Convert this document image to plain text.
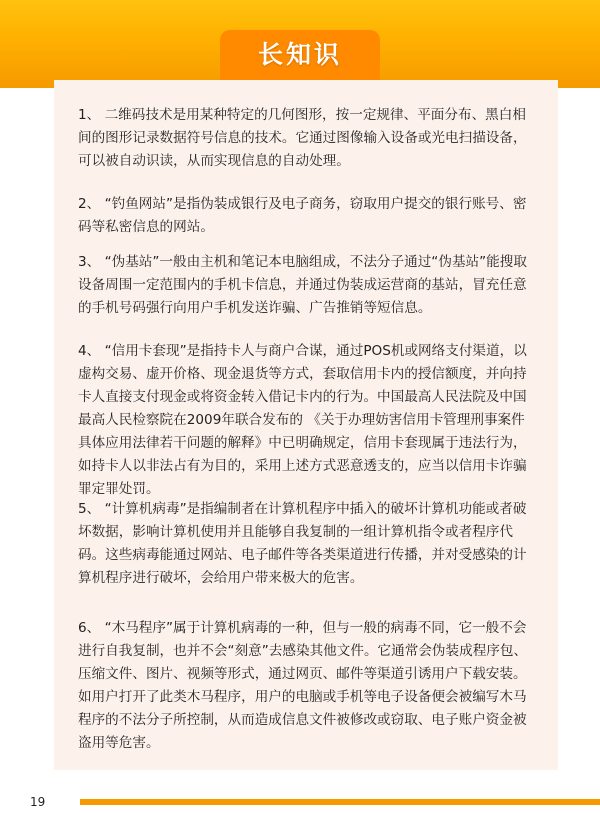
长知识

1、 二维码技术是用某种特定的几何图形，按一定规律、平面分布、黑白相间的图形记录数据符号信息的技术。它通过图像输入设备或光电扫描设备，可以被自动识读，从而实现信息的自动处理。

2、 “钓鱼网站”是指伪装成银行及电子商务，窃取用户提交的银行账号、密码等私密信息的网站。

3、 “伪基站”一般由主机和笔记本电脑组成，不法分子通过“伪基站”能搜取设备周围一定范围内的手机卡信息，并通过伪装成运营商的基站，冒充任意的手机号码强行向用户手机发送诈骗、广告推销等短信息。

4、 “信用卡套现”是指持卡人与商户合谋，通过POS机或网络支付渠道，以虚构交易、虚开价格、现金退货等方式，套取信用卡内的授信额度，并向持卡人直接支付现金或将资金转入借记卡内的行为。中国最高人民法院及中国最高人民检察院在2009年联合发布的 《关于办理妨害信用卡管理刑事案件具体应用法律若干问题的解释》中已明确规定，信用卡套现属于违法行为，如持卡人以非法占有为目的，采用上述方式恶意透支的，应当以信用卡诈骗罪定罪处罚。

5、 “计算机病毒”是指编制者在计算机程序中插入的破坏计算机功能或者破坏数据，影响计算机使用并且能够自我复制的一组计算机指令或者程序代码。这些病毒能通过网站、电子邮件等各类渠道进行传播，并对受感染的计算机程序进行破坏，会给用户带来极大的危害。

6、 “木马程序”属于计算机病毒的一种，但与一般的病毒不同，它一般不会进行自我复制，也并不会“刻意”去感染其他文件。它通常会伪装成程序包、压缩文件、图片、视频等形式，通过网页、邮件等渠道引诱用户下载安装。如用户打开了此类木马程序，用户的电脑或手机等电子设备便会被编写木马程序的不法分子所控制，从而造成信息文件被修改或窃取、电子账户资金被盗用等危害。

19
